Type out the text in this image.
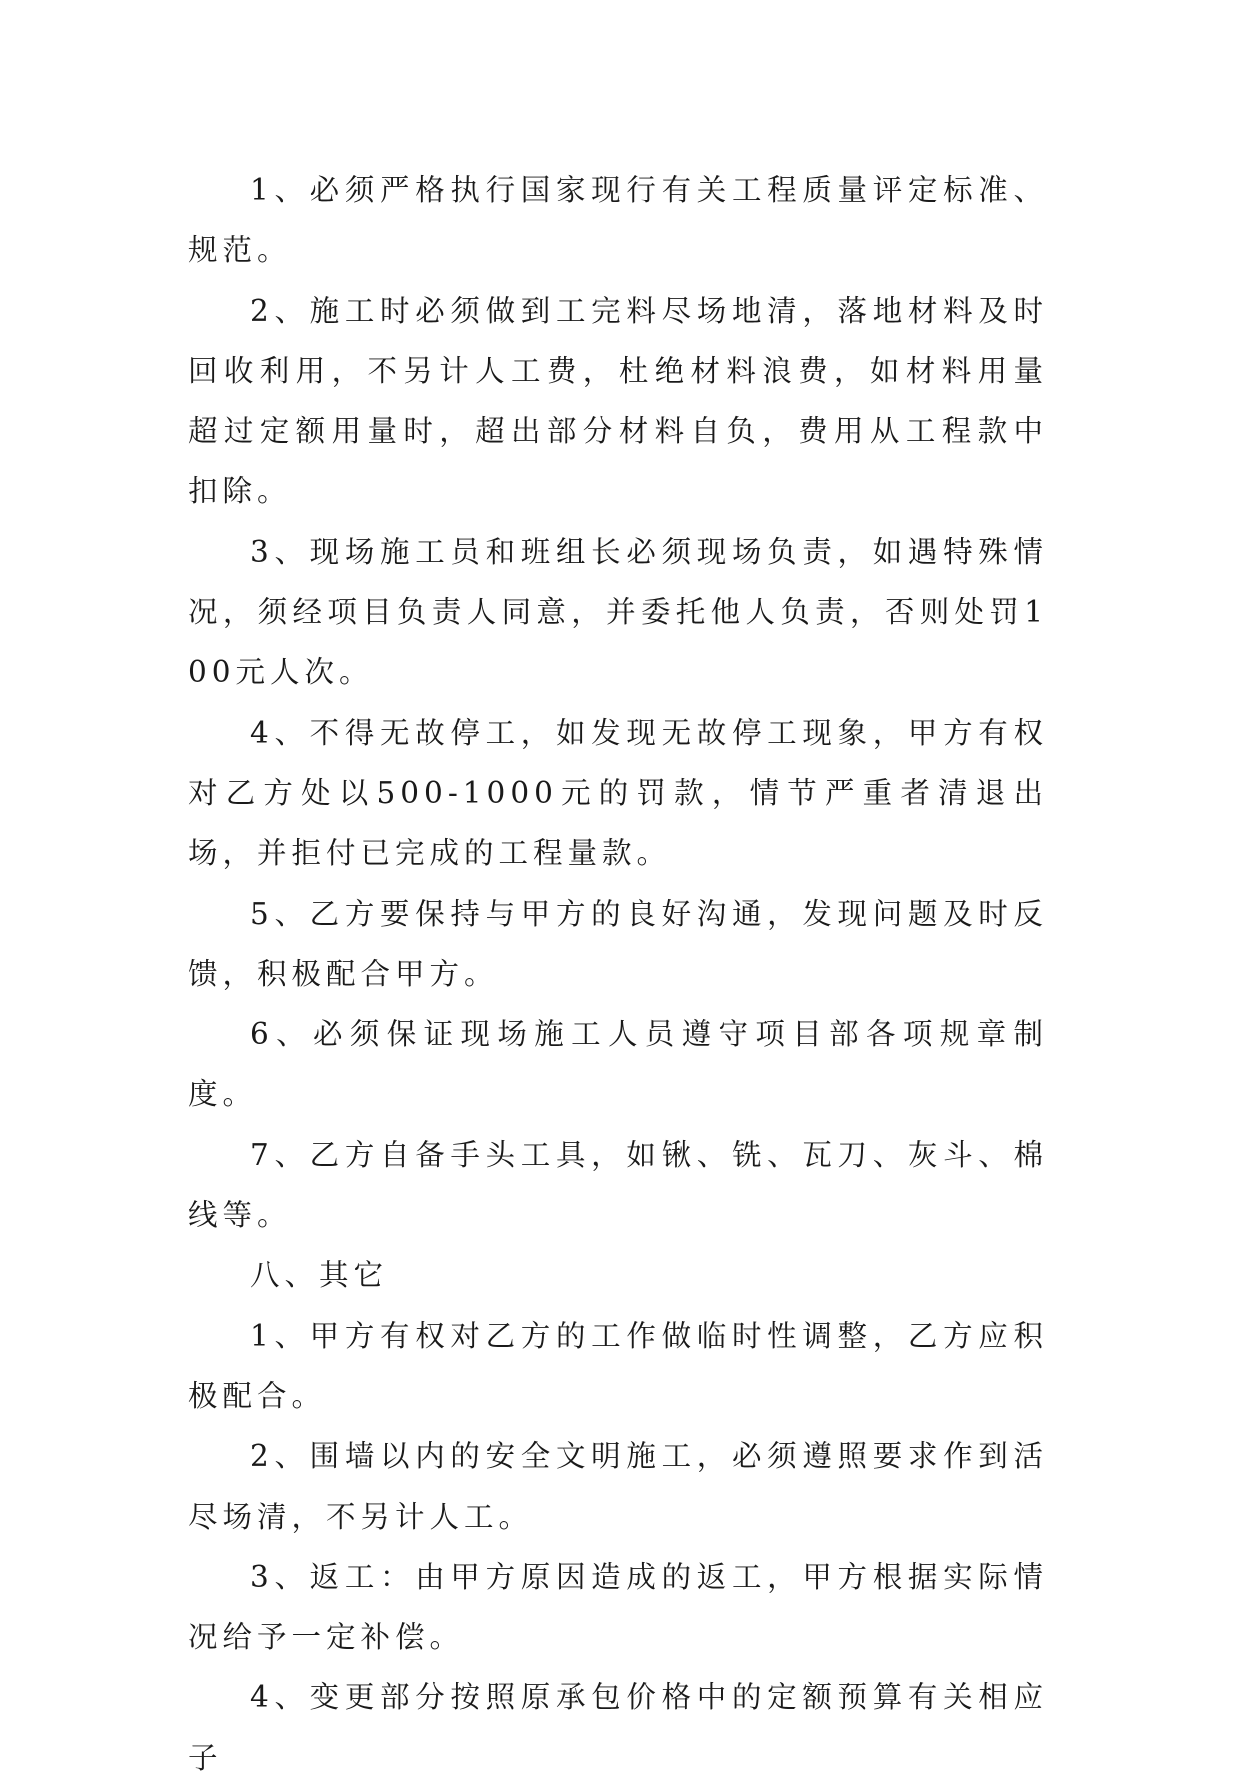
1、必须严格执行国家现行有关工程质量评定标准、规范。

2、施工时必须做到工完料尽场地清，落地材料及时回收利用，不另计人工费，杜绝材料浪费，如材料用量超过定额用量时，超出部分材料自负，费用从工程款中扣除。

3、现场施工员和班组长必须现场负责，如遇特殊情况，须经项目负责人同意，并委托他人负责，否则处罚100元人次。

4、不得无故停工，如发现无故停工现象，甲方有权对乙方处以500-1000元的罚款，情节严重者清退出场，并拒付已完成的工程量款。

5、乙方要保持与甲方的良好沟通，发现问题及时反馈，积极配合甲方。

6、必须保证现场施工人员遵守项目部各项规章制度。

7、乙方自备手头工具，如锹、铣、瓦刀、灰斗、棉线等。

八、其它

1、甲方有权对乙方的工作做临时性调整，乙方应积极配合。

2、围墙以内的安全文明施工，必须遵照要求作到活尽场清，不另计人工。

3、返工：由甲方原因造成的返工，甲方根据实际情况给予一定补偿。

4、变更部分按照原承包价格中的定额预算有关相应子
